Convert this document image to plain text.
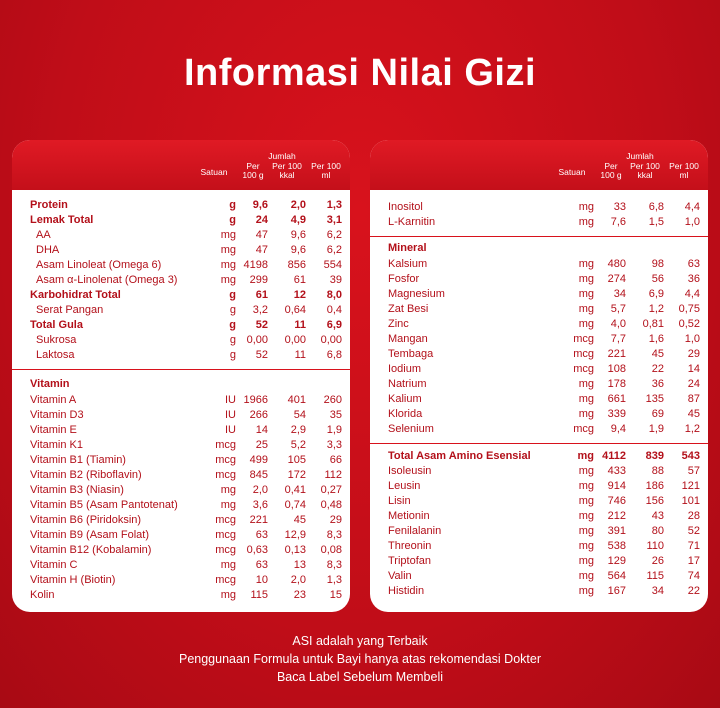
Informasi Nilai Gizi
Satuan
Jumlah
Per 100 g
Per 100 kkal
Per 100 ml
Protein	g	9,6	2,0	1,3
Lemak Total	g	24	4,9	3,1
AA	mg	47	9,6	6,2
DHA	mg	47	9,6	6,2
Asam Linoleat (Omega 6)	mg 4198	856	554
Asam α-Linolenat (Omega 3)	mg	299	61	39
Karbohidrat Total	g	61	12	8,0
Serat Pangan	g	3,2	0,64	0,4
Total Gula	g	52	11	6,9
Sukrosa	g 0,00	0,00	0,00
Laktosa	g	52	11	6,8
Vitamin
Vitamin A	IU 1966	401	260
Vitamin D3	IU	266	54	35
Vitamin E	IU	14	2,9	1,9
Vitamin K1	mcg	25	5,2	3,3
Vitamin B1 (Tiamin)	mcg	499	105	66
Vitamin B2 (Riboflavin)	mcg	845	172	112
Vitamin B3 (Niasin)	mg	2,0	0,41	0,27
Vitamin B5 (Asam Pantotenat)	mg	3,6	0,74	0,48
Vitamin B6 (Piridoksin)	mcg	221	45	29
Vitamin B9 (Asam Folat)	mcg	63	12,9	8,3
Vitamin B12 (Kobalamin)	mcg 0,63	0,13	0,08
Vitamin C	mg	63	13	8,3
Vitamin H (Biotin)	mcg	10	2,0	1,3
Kolin	mg	115	23	15
Satuan
Jumlah
Per 100 g
Per 100 kkal
Per 100 ml
Inositol	mg	33	6,8	4,4
L-Karnitin	mg	7,6	1,5	1,0
Mineral
Kalsium	mg	480	98	63
Fosfor	mg	274	56	36
Magnesium	mg	34	6,9	4,4
Zat Besi	mg	5,7	1,2	0,75
Zinc	mg	4,0	0,81	0,52
Mangan	mcg	7,7	1,6	1,0
Tembaga	mcg	221	45	29
Iodium	mcg	108	22	14
Natrium	mg	178	36	24
Kalium	mg	661	135	87
Klorida	mg	339	69	45
Selenium	mcg	9,4	1,9	1,2
Total Asam Amino Esensial	mg 4112	839	543
Isoleusin	mg	433	88	57
Leusin	mg	914	186	121
Lisin	mg	746	156	101
Metionin	mg	212	43	28
Fenilalanin	mg	391	80	52
Threonin	mg	538	110	71
Triptofan	mg	129	26	17
Valin	mg	564	115	74
Histidin	mg	167	34	22
ASI adalah yang Terbaik
Penggunaan Formula untuk Bayi hanya atas rekomendasi Dokter
Baca Label Sebelum Membeli
